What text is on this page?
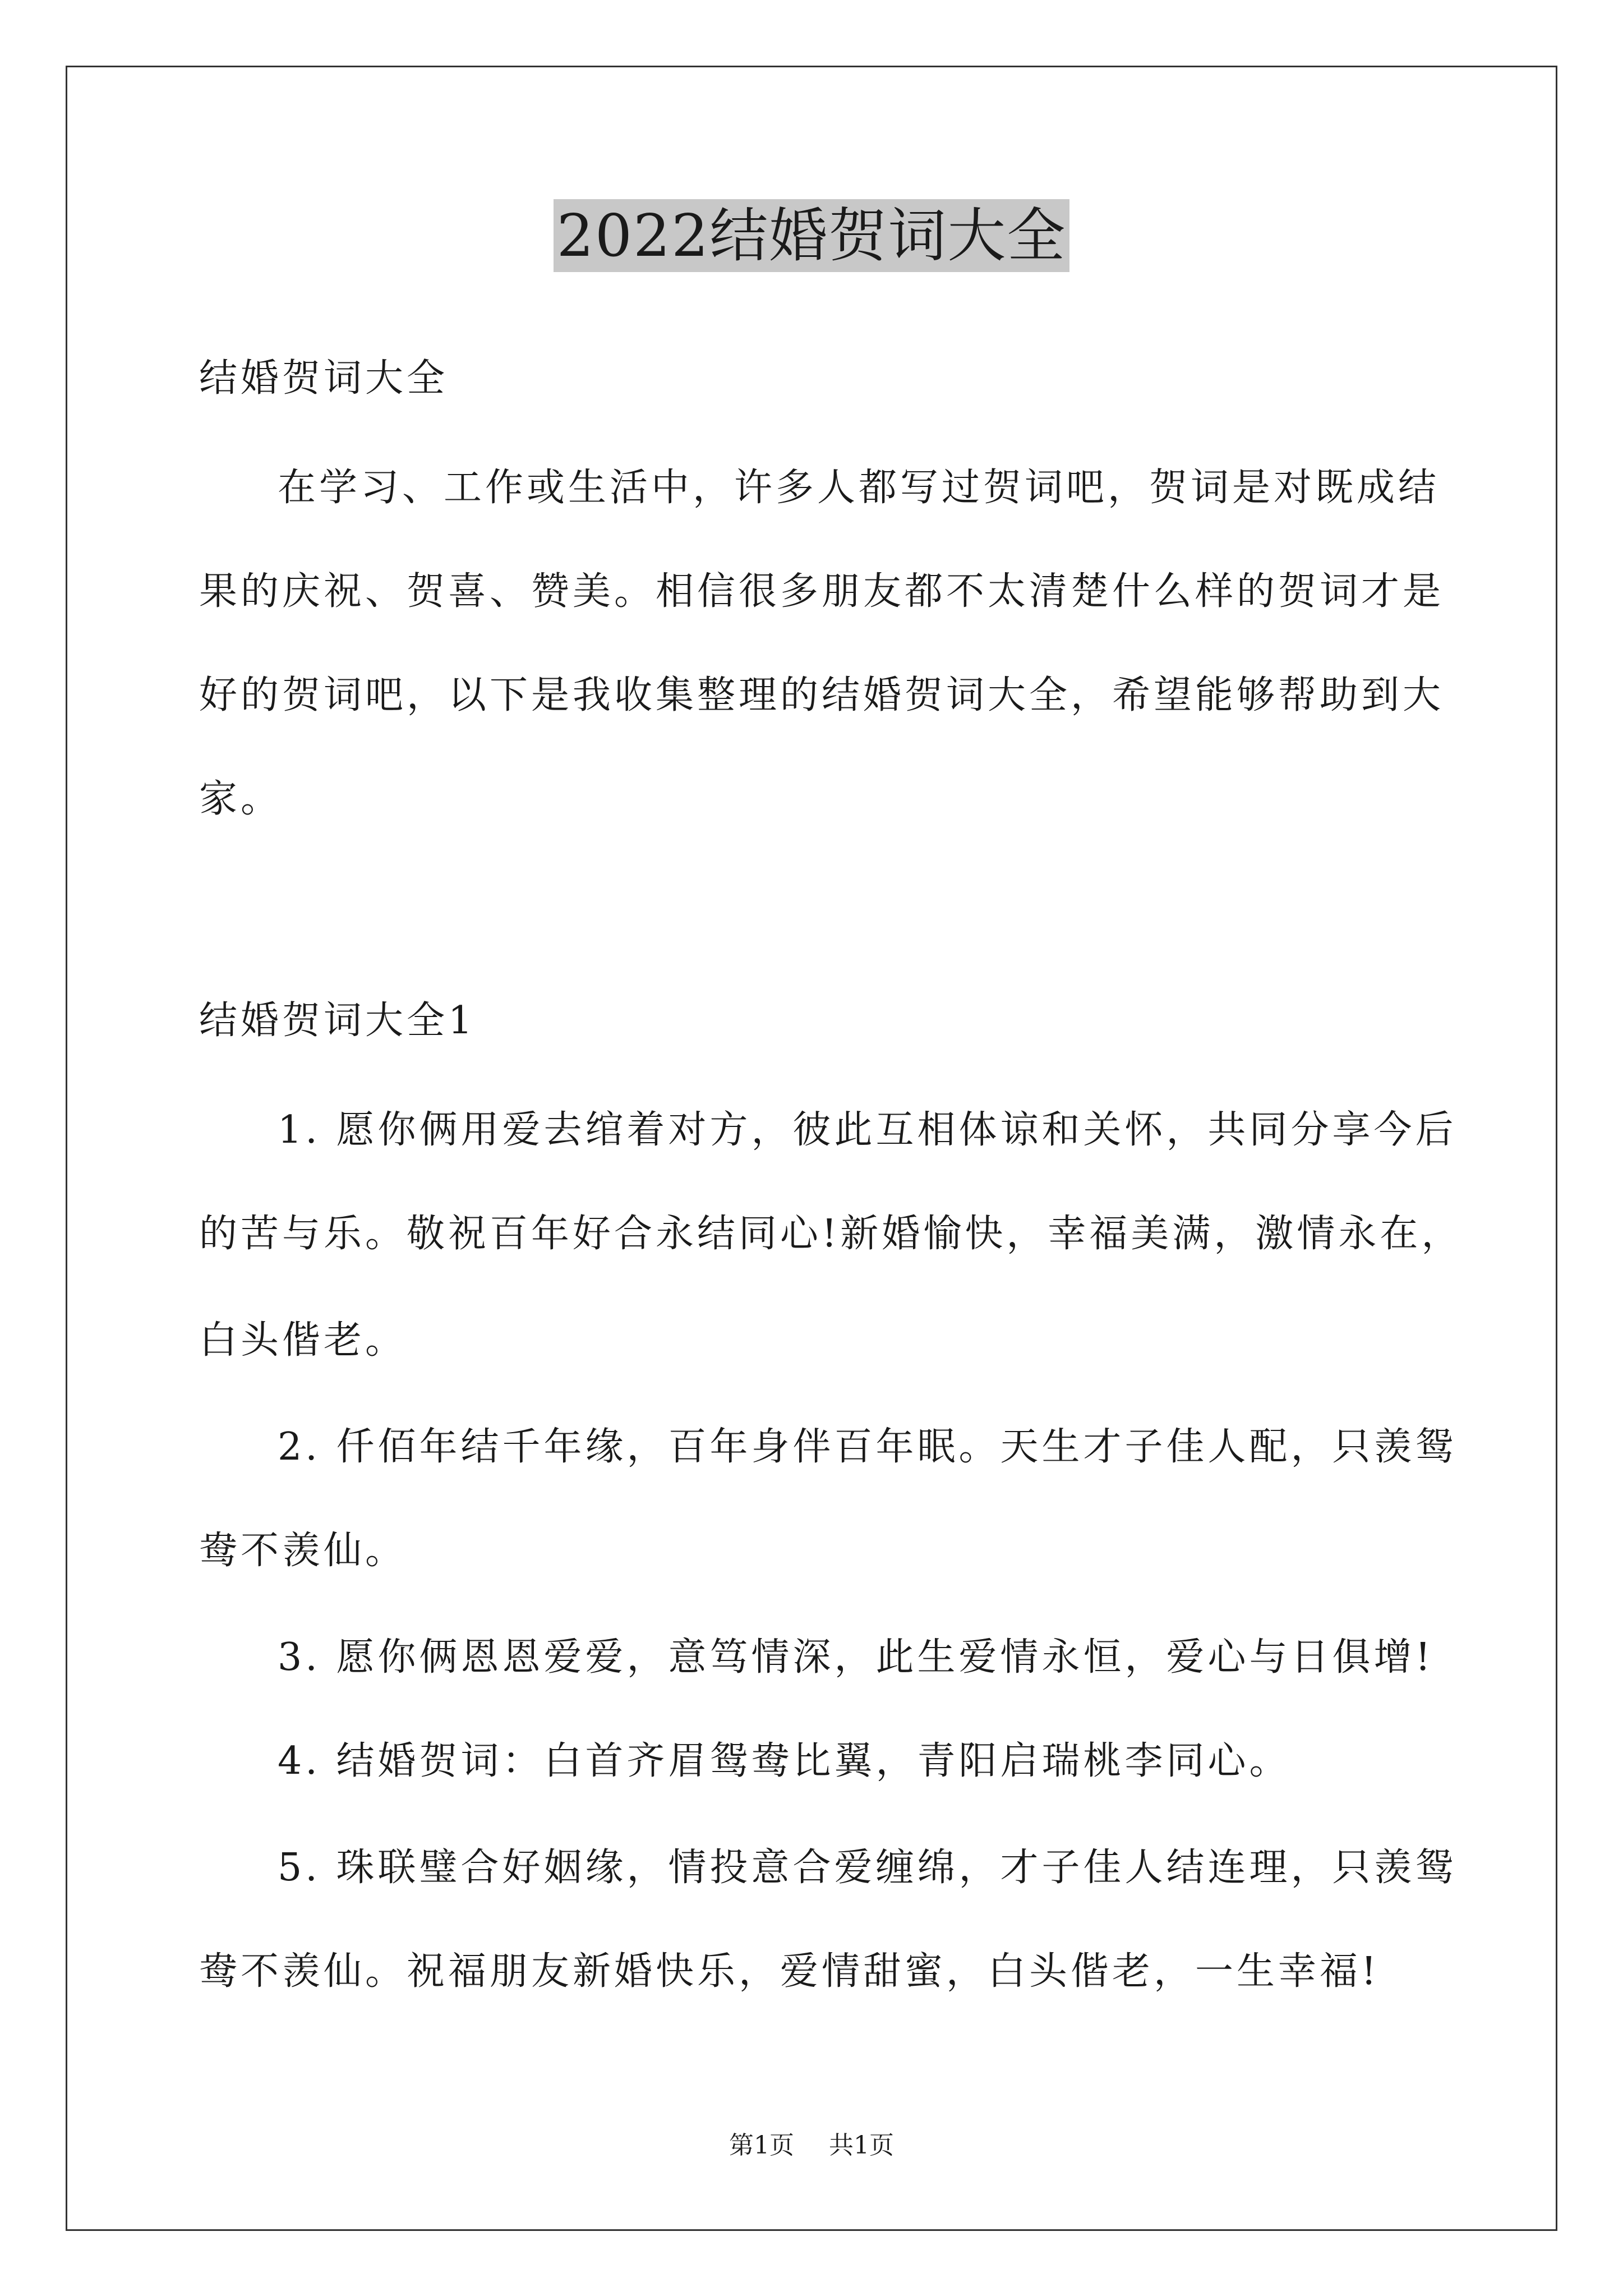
2022结婚贺词大全
结婚贺词大全
在学习、工作或生活中，许多人都写过贺词吧，贺词是对既成结
果的庆祝、贺喜、赞美。相信很多朋友都不太清楚什么样的贺词才是
好的贺词吧，以下是我收集整理的结婚贺词大全，希望能够帮助到大
家。
结婚贺词大全1
1. 愿你俩用爱去绾着对方，彼此互相体谅和关怀，共同分享今后
的苦与乐。敬祝百年好合永结同心!新婚愉快，幸福美满，激情永在，
白头偕老。
2. 仟佰年结千年缘，百年身伴百年眠。天生才子佳人配，只羡鸳
鸯不羡仙。
3. 愿你俩恩恩爱爱，意笃情深，此生爱情永恒，爱心与日俱增!
4. 结婚贺词：白首齐眉鸳鸯比翼，青阳启瑞桃李同心。
5. 珠联璧合好姻缘，情投意合爱缠绵，才子佳人结连理，只羡鸳
鸯不羡仙。祝福朋友新婚快乐，爱情甜蜜，白头偕老，一生幸福!
第1页 共1页
